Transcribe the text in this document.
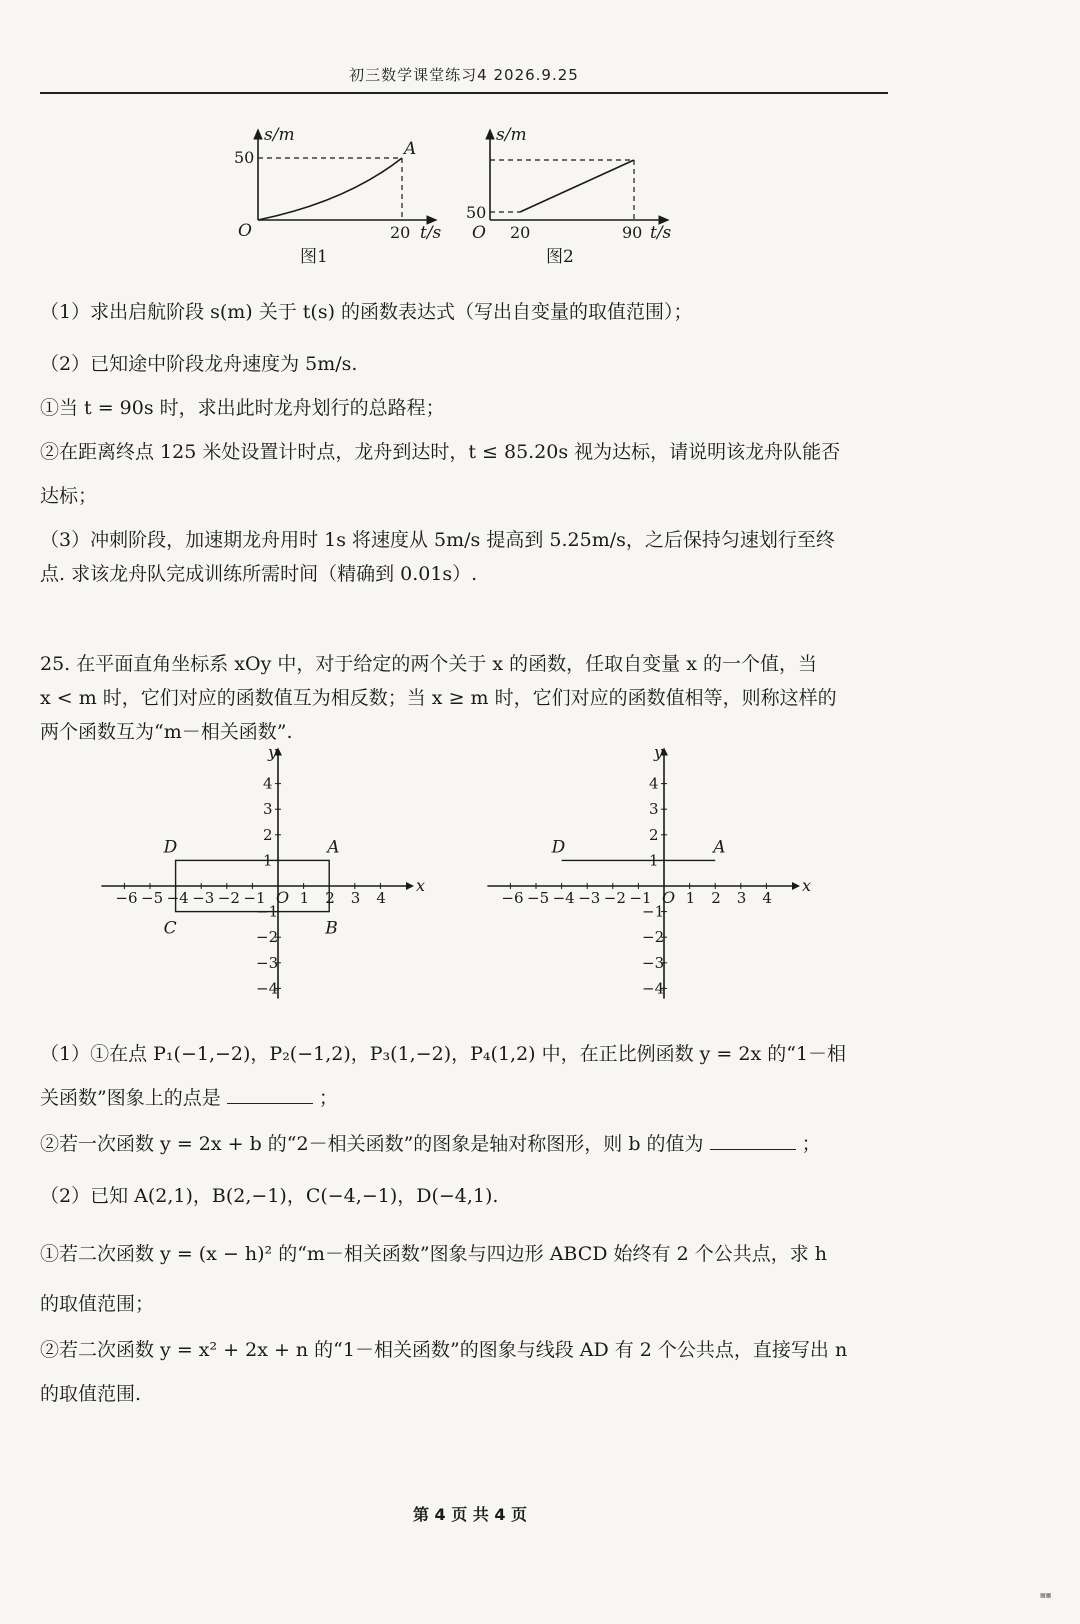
初三数学课堂练习4 2026.9.25
s/m
50
O	20 t/s
A
图1
s/m
50
O 20	90 t/s
图2
（1）求出启航阶段 s(m) 关于 t(s) 的函数表达式（写出自变量的取值范围）；
（2）已知途中阶段龙舟速度为 5m/s.
①当 t = 90s 时，求出此时龙舟划行的总路程；
②在距离终点 125 米处设置计时点，龙舟到达时，t ≤ 85.20s 视为达标，请说明该龙舟队能否
达标；
（3）冲刺阶段，加速期龙舟用时 1s 将速度从 5m/s 提高到 5.25m/s，之后保持匀速划行至终
点. 求该龙舟队完成训练所需时间（精确到 0.01s）.
25. 在平面直角坐标系 xOy 中，对于给定的两个关于 x 的函数，任取自变量 x 的一个值，当
x < m 时，它们对应的函数值互为相反数；当 x ≥ m 时，它们对应的函数值相等，则称这样的
两个函数互为“m－相关函数”.
x
y
O
−6 −5 −4 −3 −2 −1 1 2 3 4
1
2
3
4
−1
−2
−3
−4
A
B
C
D
x
y
O
−6 −5 −4 −3 −2 −1 1 2 3 4
1
2
3
4
−1
−2
−3
−4
A
D
（1）①在点 P₁(−1,−2)，P₂(−1,2)，P₃(1,−2)，P₄(1,2) 中，在正比例函数 y = 2x 的“1－相
关函数”图象上的点是	；
②若一次函数 y = 2x + b 的“2－相关函数”的图象是轴对称图形，则 b 的值为	；
（2）已知 A(2,1)，B(2,−1)，C(−4,−1)，D(−4,1).
①若二次函数 y = (x − h)² 的“m－相关函数”图象与四边形 ABCD 始终有 2 个公共点，求 h
的取值范围；
②若二次函数 y = x² + 2x + n 的“1－相关函数”的图象与线段 AD 有 2 个公共点，直接写出 n
的取值范围.
第 4 页 共 4 页
▦▦
